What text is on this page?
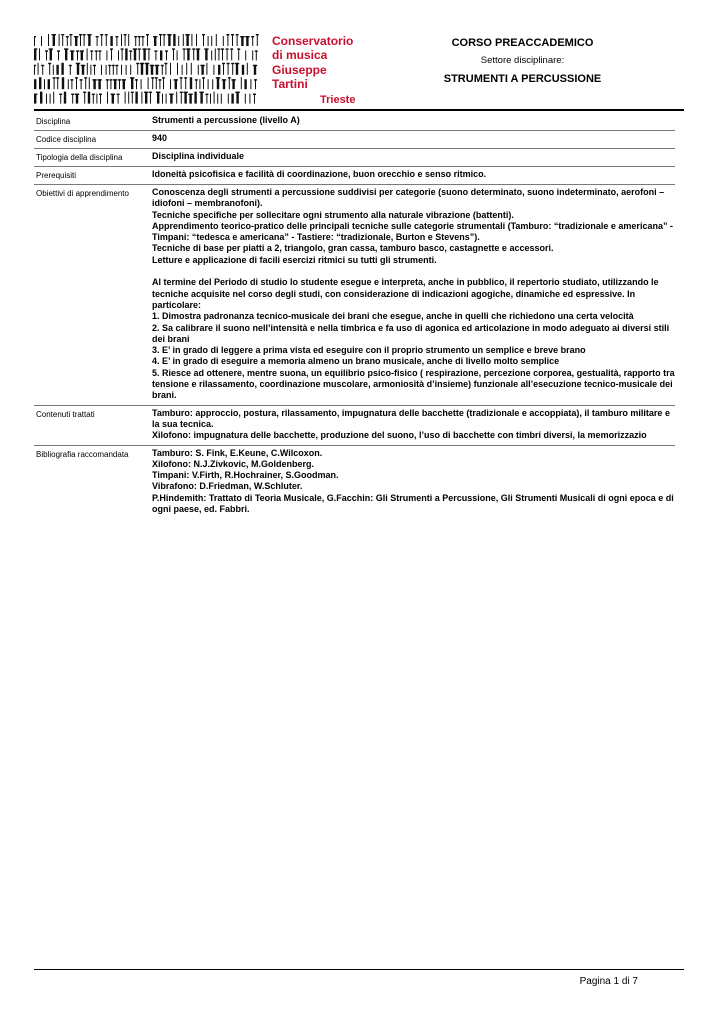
Conservatorio
di musica
Giuseppe
Tartini
Trieste
CORSO PREACCADEMICO
Settore disciplinare:
STRUMENTI A PERCUSSIONE
Disciplina	Strumenti a percussione (livello A)
Codice disciplina	940
Tipologia della disciplina	Disciplina individuale
Prerequisiti	Idoneità psicofisica e facilità di coordinazione, buon orecchio e senso ritmico.
Obiettivi di apprendimento	Conoscenza degli strumenti a percussione suddivisi per categorie (suono determinato, suono indeterminato, aerofoni – idiofoni – membranofoni).
Tecniche specifiche per sollecitare ogni strumento alla naturale vibrazione (battenti).
Apprendimento teorico-pratico delle principali tecniche sulle categorie strumentali (Tamburo: “tradizionale e americana” - Timpani: “tedesca e americana” - Tastiere: “tradizionale, Burton e Stevens”).
Tecniche di base per piatti a 2, triangolo, gran cassa, tamburo basco, castagnette e accessori.
Letture e applicazione di facili esercizi ritmici su tutti gli strumenti.
Al termine del Periodo di studio lo studente esegue e interpreta, anche in pubblico, il repertorio studiato, utilizzando le tecniche acquisite nel corso degli studi, con considerazione di indicazioni agogiche, dinamiche ed espressive. In particolare:
1. Dimostra padronanza tecnico-musicale dei brani che esegue, anche in quelli che richiedono una certa velocità
2. Sa calibrare il suono nell’intensità e nella timbrica e fa uso di agonica ed articolazione in modo adeguato ai diversi stili dei brani
3. E’ in grado di leggere a prima vista ed eseguire con il proprio strumento un semplice e breve brano
4. E’ in grado di eseguire a memoria almeno un brano musicale, anche di livello molto semplice
5. Riesce ad ottenere, mentre suona, un equilibrio psico-fisico ( respirazione, percezione corporea, gestualità, rapporto tra tensione e rilassamento, coordinazione muscolare, armoniosità d’insieme) funzionale all’esecuzione tecnico-musicale dei brani.
Contenuti trattati	Tamburo: approccio, postura, rilassamento, impugnatura delle bacchette (tradizionale e accoppiata), il tamburo militare e la sua tecnica.
Xilofono: impugnatura delle bacchette, produzione del suono, l’uso di bacchette con timbri diversi, la memorizzazio
Bibliografia raccomandata	Tamburo: S. Fink, E.Keune, C.Wilcoxon.
Xilofono: N.J.Zivkovic, M.Goldenberg.
Timpani: V.Firth, R.Hochrainer, S.Goodman.
Vibrafono: D.Friedman, W.Schluter.
P.Hindemith: Trattato di Teoria Musicale, G.Facchin: Gli Strumenti a Percussione, Gli Strumenti Musicali di ogni epoca e di ogni paese, ed. Fabbri.
Pagina 1 di 7
